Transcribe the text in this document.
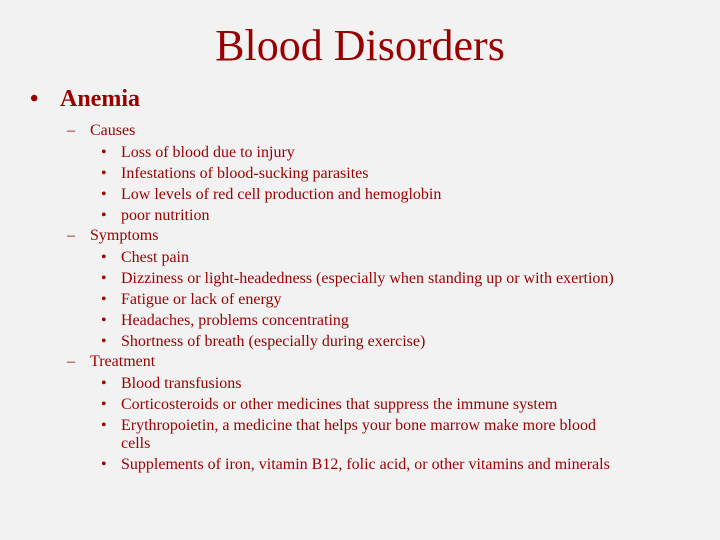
Blood Disorders
• Anemia
– Causes
• Loss of blood due to injury
• Infestations of blood-sucking parasites
• Low levels of red cell production and hemoglobin
• poor nutrition
– Symptoms
• Chest pain
• Dizziness or light-headedness (especially when standing up or with exertion)
• Fatigue or lack of energy
• Headaches, problems concentrating
• Shortness of breath (especially during exercise)
– Treatment
• Blood transfusions
• Corticosteroids or other medicines that suppress the immune system
• Erythropoietin, a medicine that helps your bone marrow make more blood cells
• Supplements of iron, vitamin B12, folic acid, or other vitamins and minerals
